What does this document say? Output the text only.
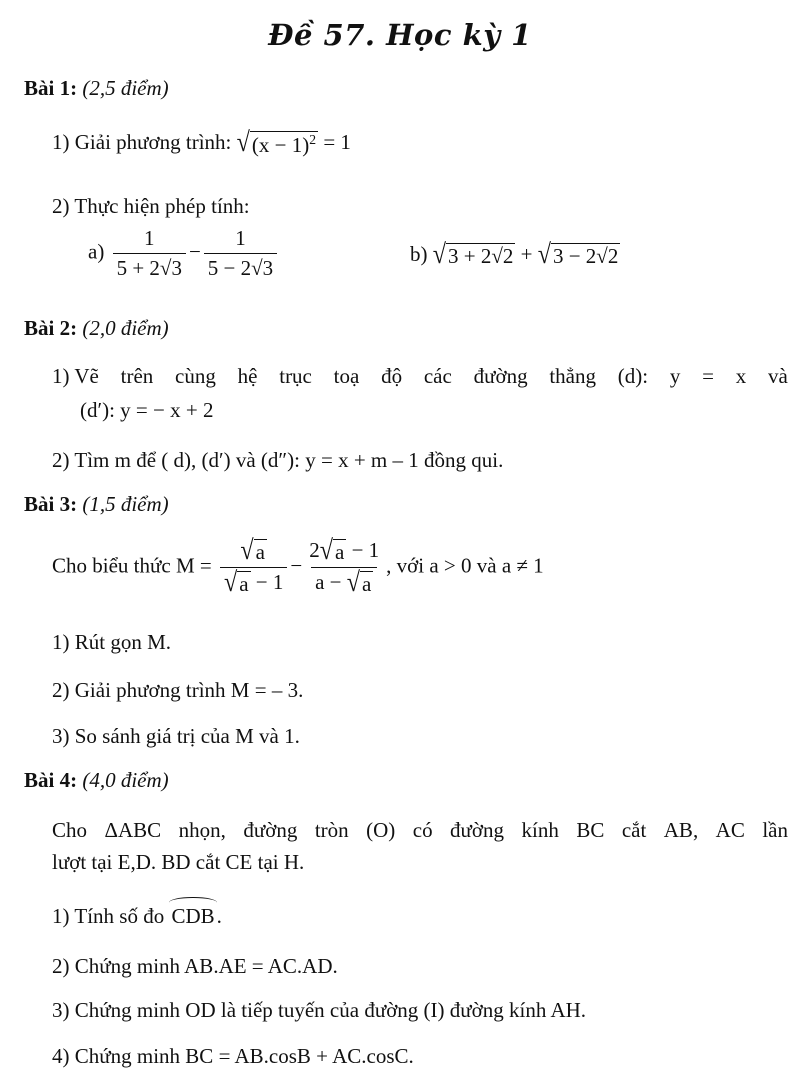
Đề 57. Học kỳ 1
Bài 1: (2,5 điểm)
1) Giải phương trình: √ $(x - 1)^2 = 1$
2) Thực hiện phép tính:
$a) \frac{1}{5 + 2√3} - \frac{1}{5 - 2√3}$	b) √ 3 + 2√2 + √ 3 − 2√2
Bài 2: (2,0 điểm)
1) Vẽ trên cùng hệ trục toạ độ các đường thẳng (d): y = x và
(d′): y = − x + 2
2) Tìm m để ( d), (d′) và (d″): y = x + m – 1 đồng qui.
Bài 3: (1,5 điểm)
Cho biểu thức $M = \frac{√ a}{√ a - 1} - \frac{2 √ a - 1}{a - √ a}$ , với a > 0 và a ≠ 1
1) Rút gọn M.
2) Giải phương trình M = – 3.
3) So sánh giá trị của M và 1.
Bài 4: (4,0 điểm)
Cho ΔABC nhọn, đường tròn (O) có đường kính BC cắt AB, AC lần
lượt tại E,D. BD cắt CE tại H.
1) Tính số đo CDB.
2) Chứng minh AB.AE = AC.AD.
3) Chứng minh OD là tiếp tuyến của đường (I) đường kính AH.
4) Chứng minh BC = AB.cosB + AC.cosC.
